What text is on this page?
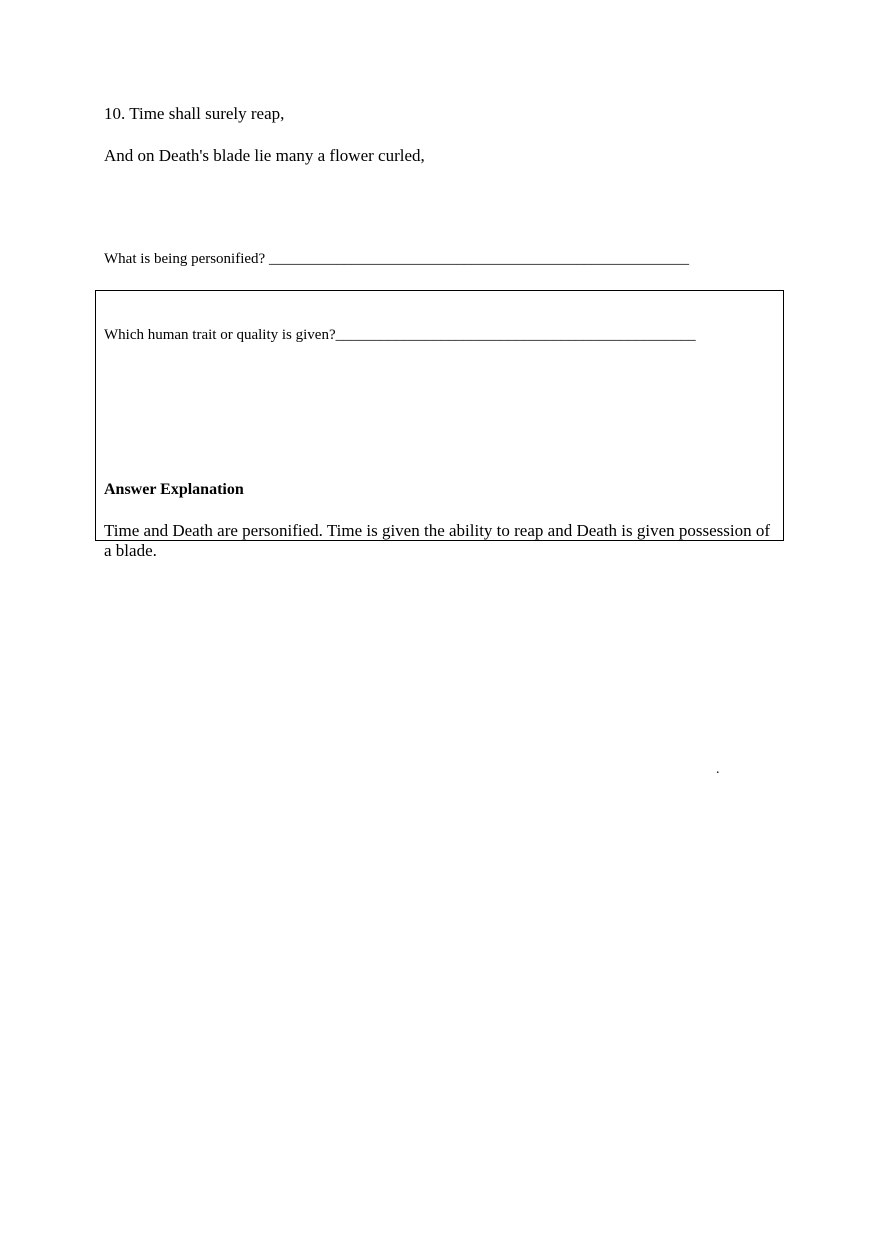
10. Time shall surely reap,
And on Death's blade lie many a flower curled,
What is being personified? ________________________________________________________
Which human trait or quality is given?________________________________________________
Answer Explanation
Time and Death are personified. Time is given the ability to reap and Death is given possession of a blade.
.
